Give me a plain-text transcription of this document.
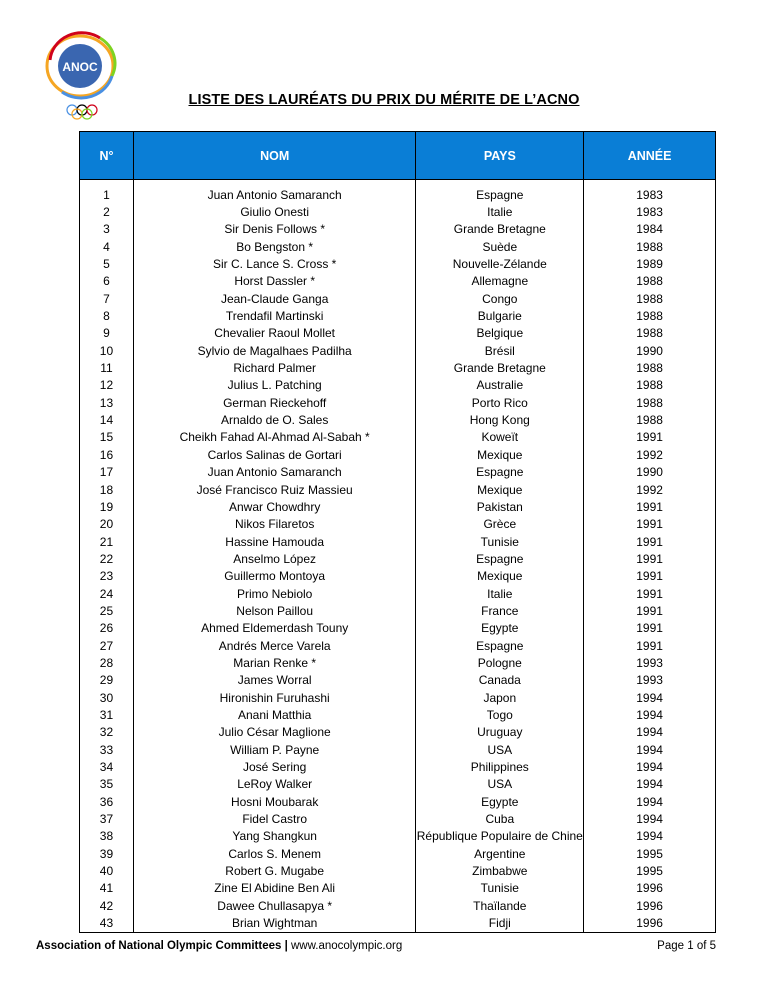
ANOC
LISTE DES LAURÉATS DU PRIX DU MÉRITE DE L’ACNO
N°	NOM	PAYS	ANNÉE

1	Juan Antonio Samaranch	Espagne	1983
2	Giulio Onesti	Italie	1983
3	Sir Denis Follows *	Grande Bretagne	1984
4	Bo Bengston *	Suède	1988
5	Sir C. Lance S. Cross *	Nouvelle-Zélande	1989
6	Horst Dassler *	Allemagne	1988
7	Jean-Claude Ganga	Congo	1988
8	Trendafil Martinski	Bulgarie	1988
9	Chevalier Raoul Mollet	Belgique	1988
10	Sylvio de Magalhaes Padilha	Brésil	1990
11	Richard Palmer	Grande Bretagne	1988
12	Julius L. Patching	Australie	1988
13	German Rieckehoff	Porto Rico	1988
14	Arnaldo de O. Sales	Hong Kong	1988
15	Cheikh Fahad Al-Ahmad Al-Sabah *	Koweït	1991
16	Carlos Salinas de Gortari	Mexique	1992
17	Juan Antonio Samaranch	Espagne	1990
18	José Francisco Ruiz Massieu	Mexique	1992
19	Anwar Chowdhry	Pakistan	1991
20	Nikos Filaretos	Grèce	1991
21	Hassine Hamouda	Tunisie	1991
22	Anselmo López	Espagne	1991
23	Guillermo Montoya	Mexique	1991
24	Primo Nebiolo	Italie	1991
25	Nelson Paillou	France	1991
26	Ahmed Eldemerdash Touny	Egypte	1991
27	Andrés Merce Varela	Espagne	1991
28	Marian Renke *	Pologne	1993
29	James Worral	Canada	1993
30	Hironishin Furuhashi	Japon	1994
31	Anani Matthia	Togo	1994
32	Julio César Maglione	Uruguay	1994
33	William P. Payne	USA	1994
34	José Sering	Philippines	1994
35	LeRoy Walker	USA	1994
36	Hosni Moubarak	Egypte	1994
37	Fidel Castro	Cuba	1994
38	Yang Shangkun	République Populaire de Chine	1994
39	Carlos S. Menem	Argentine	1995
40	Robert G. Mugabe	Zimbabwe	1995
41	Zine El Abidine Ben Ali	Tunisie	1996
42	Dawee Chullasapya *	Thaïlande	1996
43	Brian Wightman	Fidji	1996
Association of National Olympic Committees | www.anocolympic.org	Page 1 of 5
